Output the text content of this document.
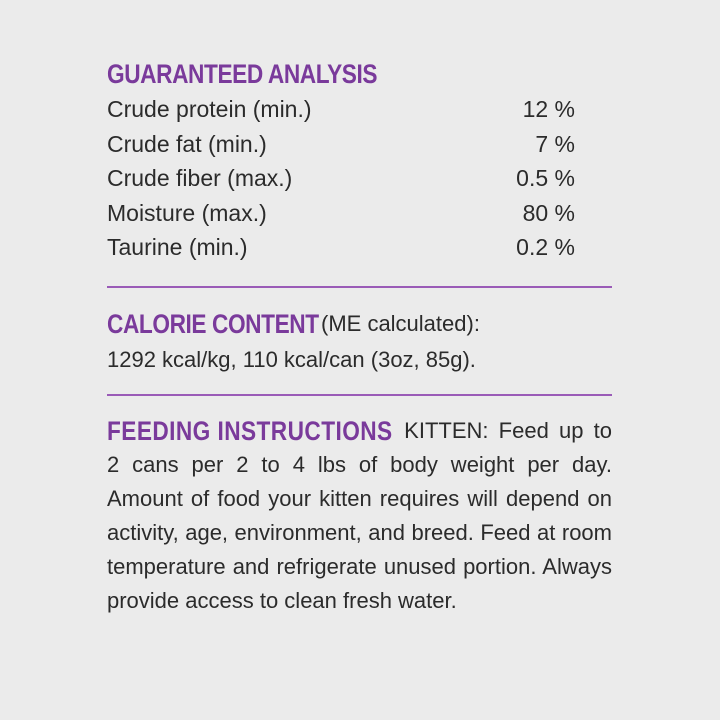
GUARANTEED ANALYSIS
Crude protein (min.)	12 %
Crude fat (min.)	7 %
Crude fiber (max.)	0.5 %
Moisture (max.)	80 %
Taurine (min.)	0.2 %
CALORIE CONTENT (ME calculated):
1292 kcal/kg, 110 kcal/can (3oz, 85g).
FEEDING INSTRUCTIONS KITTEN: Feed up to 2 cans per 2 to 4 lbs of body weight per day. Amount of food your kitten requires will depend on activity, age, environment, and breed. Feed at room temperature and refrigerate unused portion. Always provide access to clean fresh water.
